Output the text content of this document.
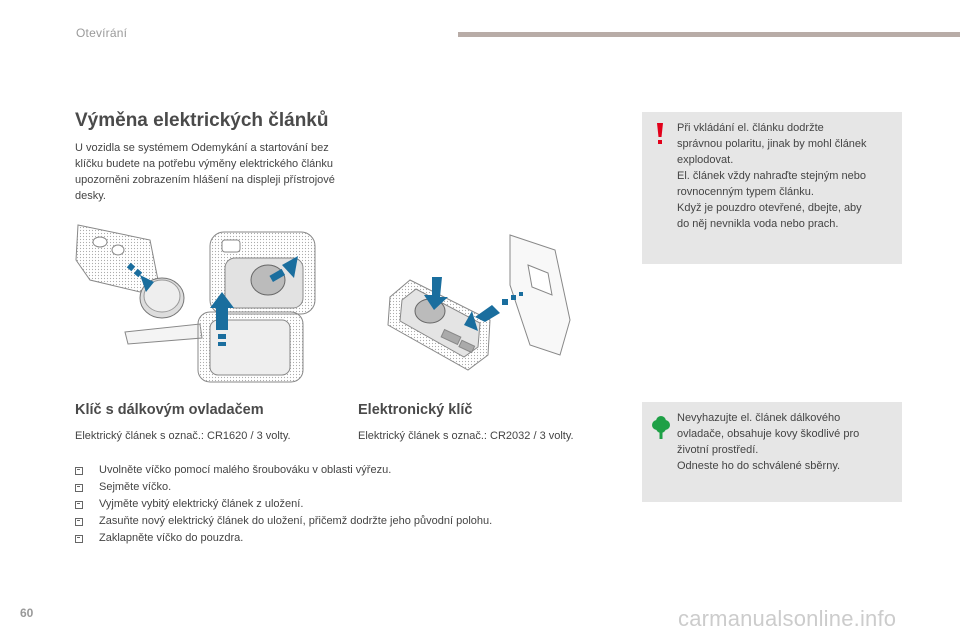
Otevírání
Výměna elektrických článků
U vozidla se systémem Odemykání a startování bez klíčku budete na potřebu výměny elektrického článku upozorněni zobrazením hlášení na displeji přístrojové desky.
Klíč s dálkovým ovladačem
Elektrický článek s označ.: CR1620 / 3 volty.
Elektronický klíč
Elektrický článek s označ.: CR2032 / 3 volty.
Uvolněte víčko pomocí malého šroubováku v oblasti výřezu.
Sejměte víčko.
Vyjměte vybitý elektrický článek z uložení.
Zasuňte nový elektrický článek do uložení, přičemž dodržte jeho původní polohu.
Zaklapněte víčko do pouzdra.
Při vkládání el. článku dodržte
správnou polaritu, jinak by mohl článek
explodovat.
El. článek vždy nahraďte stejným nebo
rovnocenným typem článku.
Když je pouzdro otevřené, dbejte, aby
do něj nevnikla voda nebo prach.
Nevyhazujte el. článek dálkového
ovladače, obsahuje kovy škodlivé pro
životní prostředí.
Odneste ho do schválené sběrny.
60	carmanualsonline.info
